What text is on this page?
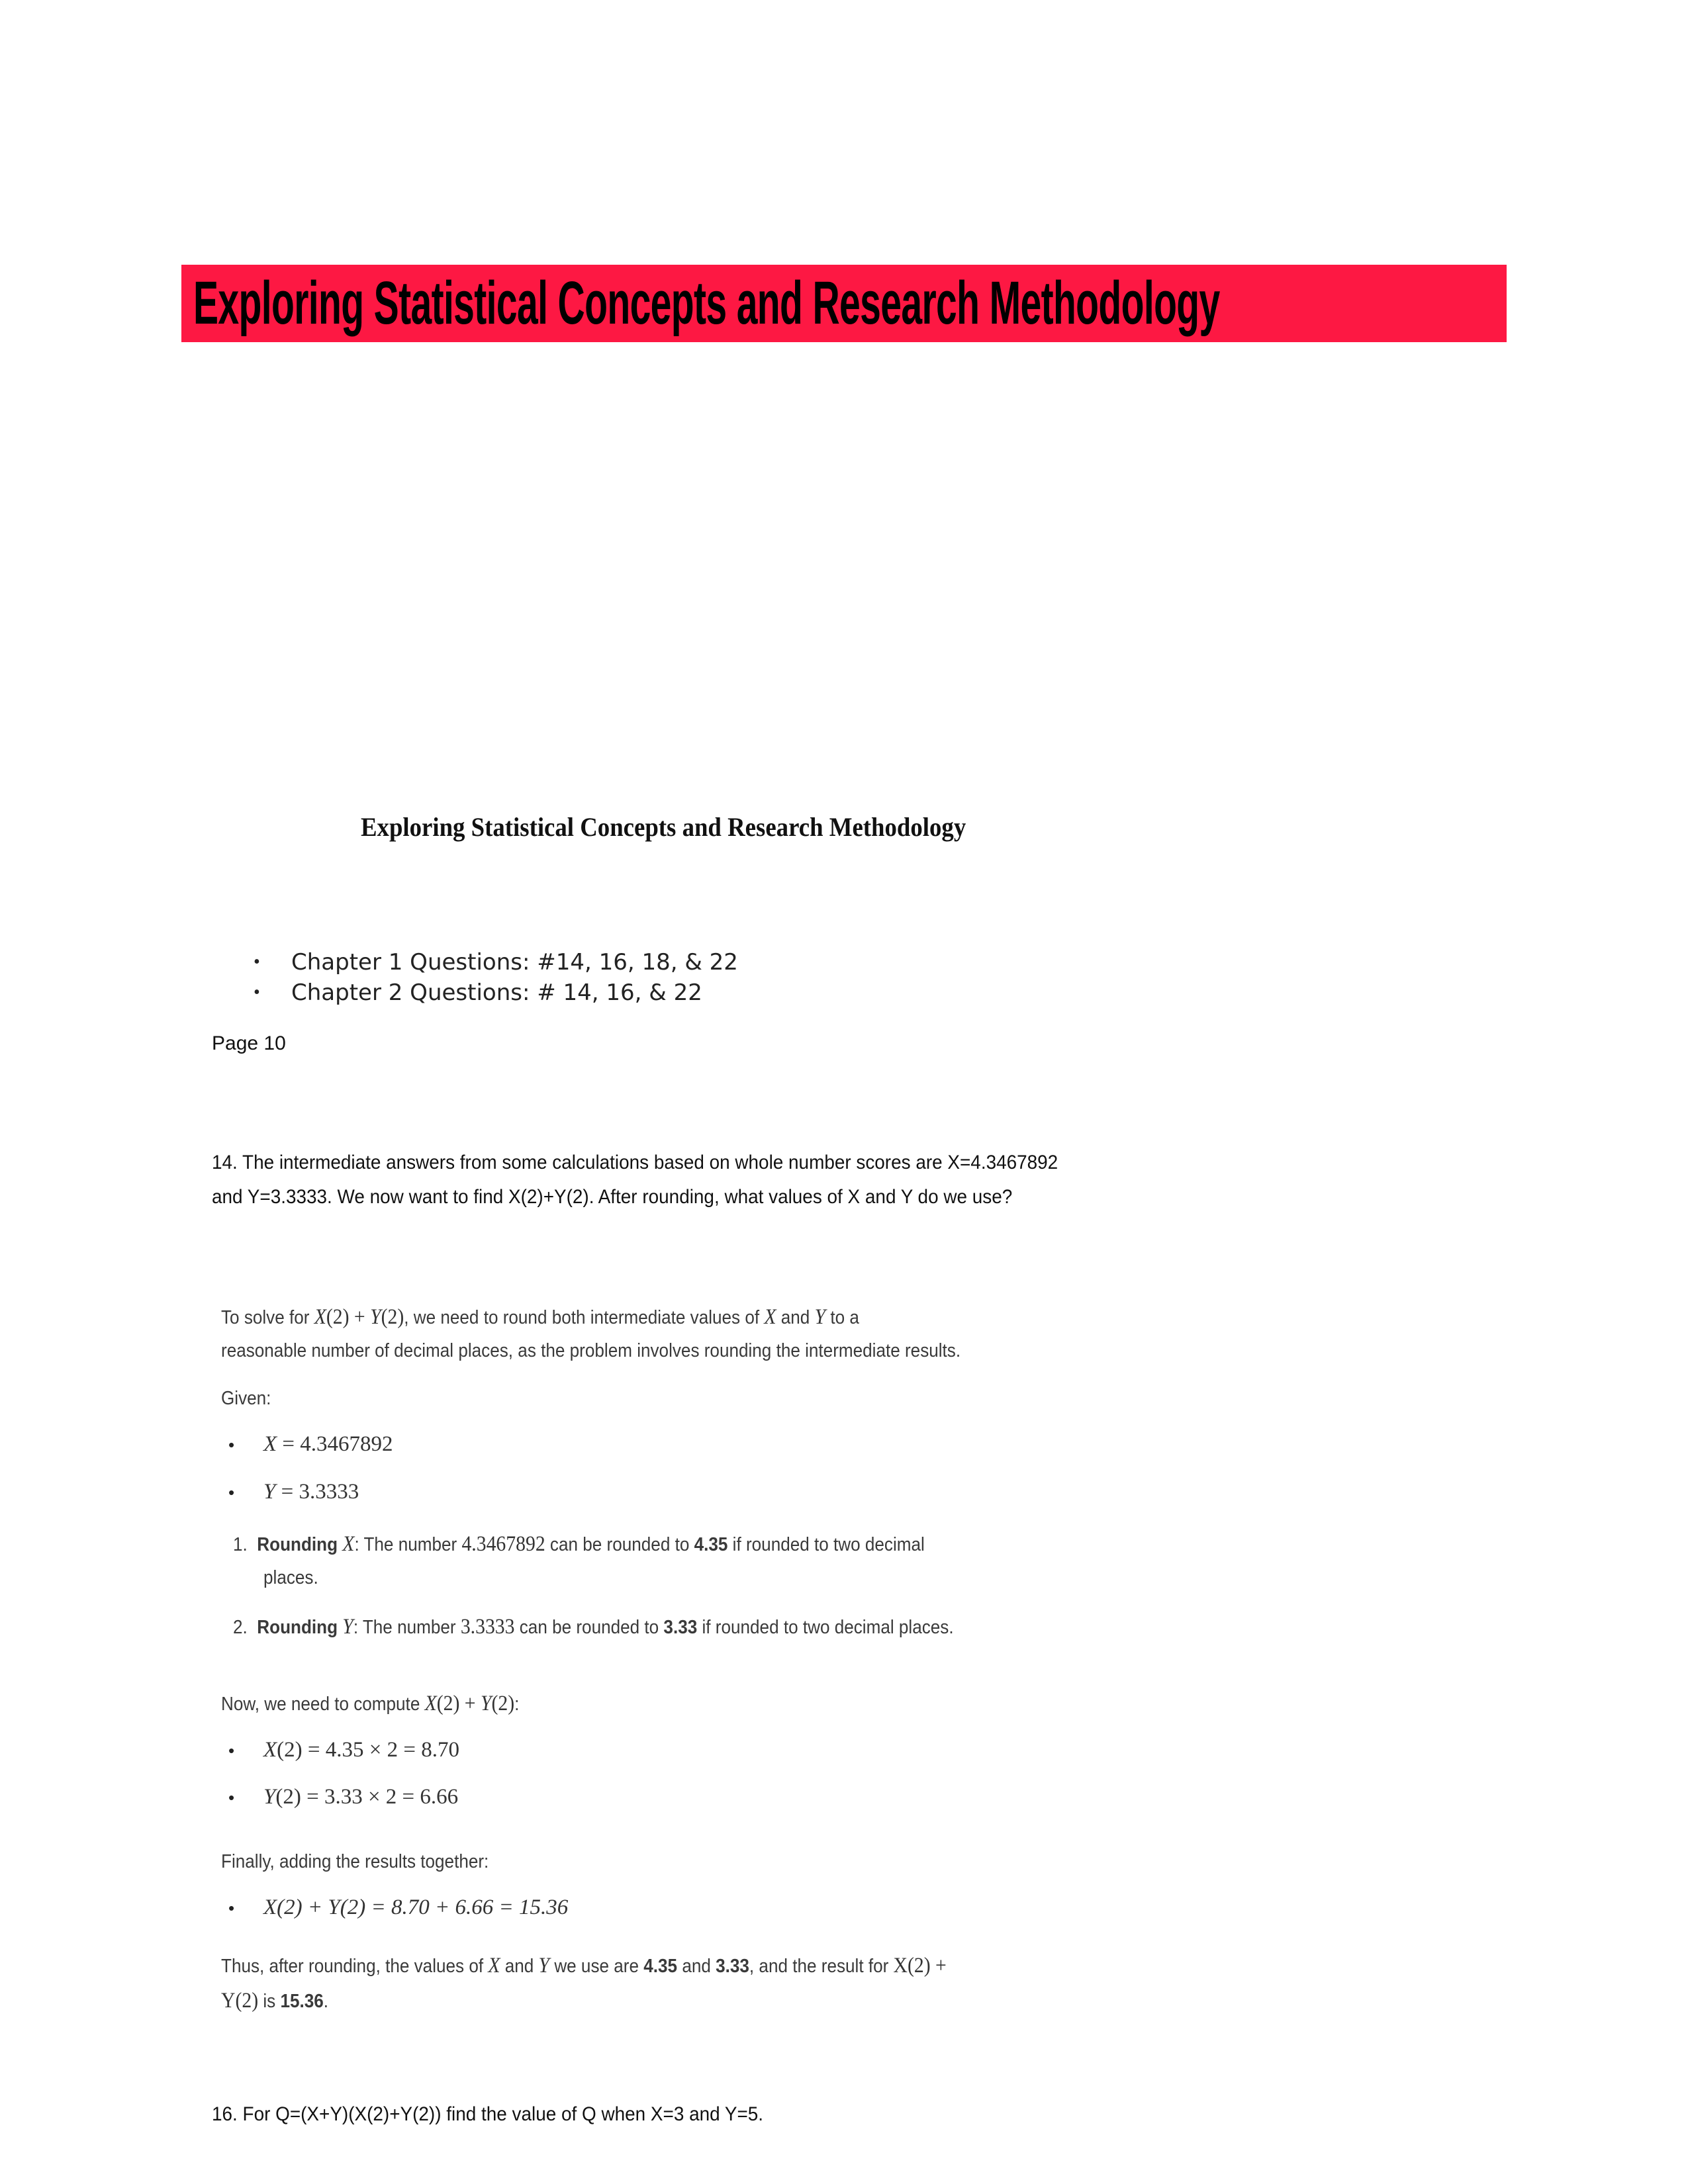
Exploring Statistical Concepts and Research Methodology
Exploring Statistical Concepts and Research Methodology
• Chapter 1 Questions: #14, 16, 18, & 22
• Chapter 2 Questions: # 14, 16, & 22
Page 10
14. The intermediate answers from some calculations based on whole number scores are X=4.3467892
and Y=3.3333. We now want to find X(2)+Y(2). After rounding, what values of X and Y do we use?
To solve for X(2) + Y(2), we need to round both intermediate values of X and Y to a
reasonable number of decimal places, as the problem involves rounding the intermediate results.
Given:
• X = 4.3467892
• Y = 3.3333
1. Rounding X: The number 4.3467892 can be rounded to 4.35 if rounded to two decimal
places.
2. Rounding Y: The number 3.3333 can be rounded to 3.33 if rounded to two decimal places.
Now, we need to compute X(2) + Y(2):
• X(2) = 4.35 × 2 = 8.70
• Y(2) = 3.33 × 2 = 6.66
Finally, adding the results together:
• X(2) + Y(2) = 8.70 + 6.66 = 15.36
Thus, after rounding, the values of X and Y we use are 4.35 and 3.33, and the result for X(2) +
Y(2) is 15.36.
16. For Q=(X+Y)(X(2)+Y(2)) find the value of Q when X=3 and Y=5.
